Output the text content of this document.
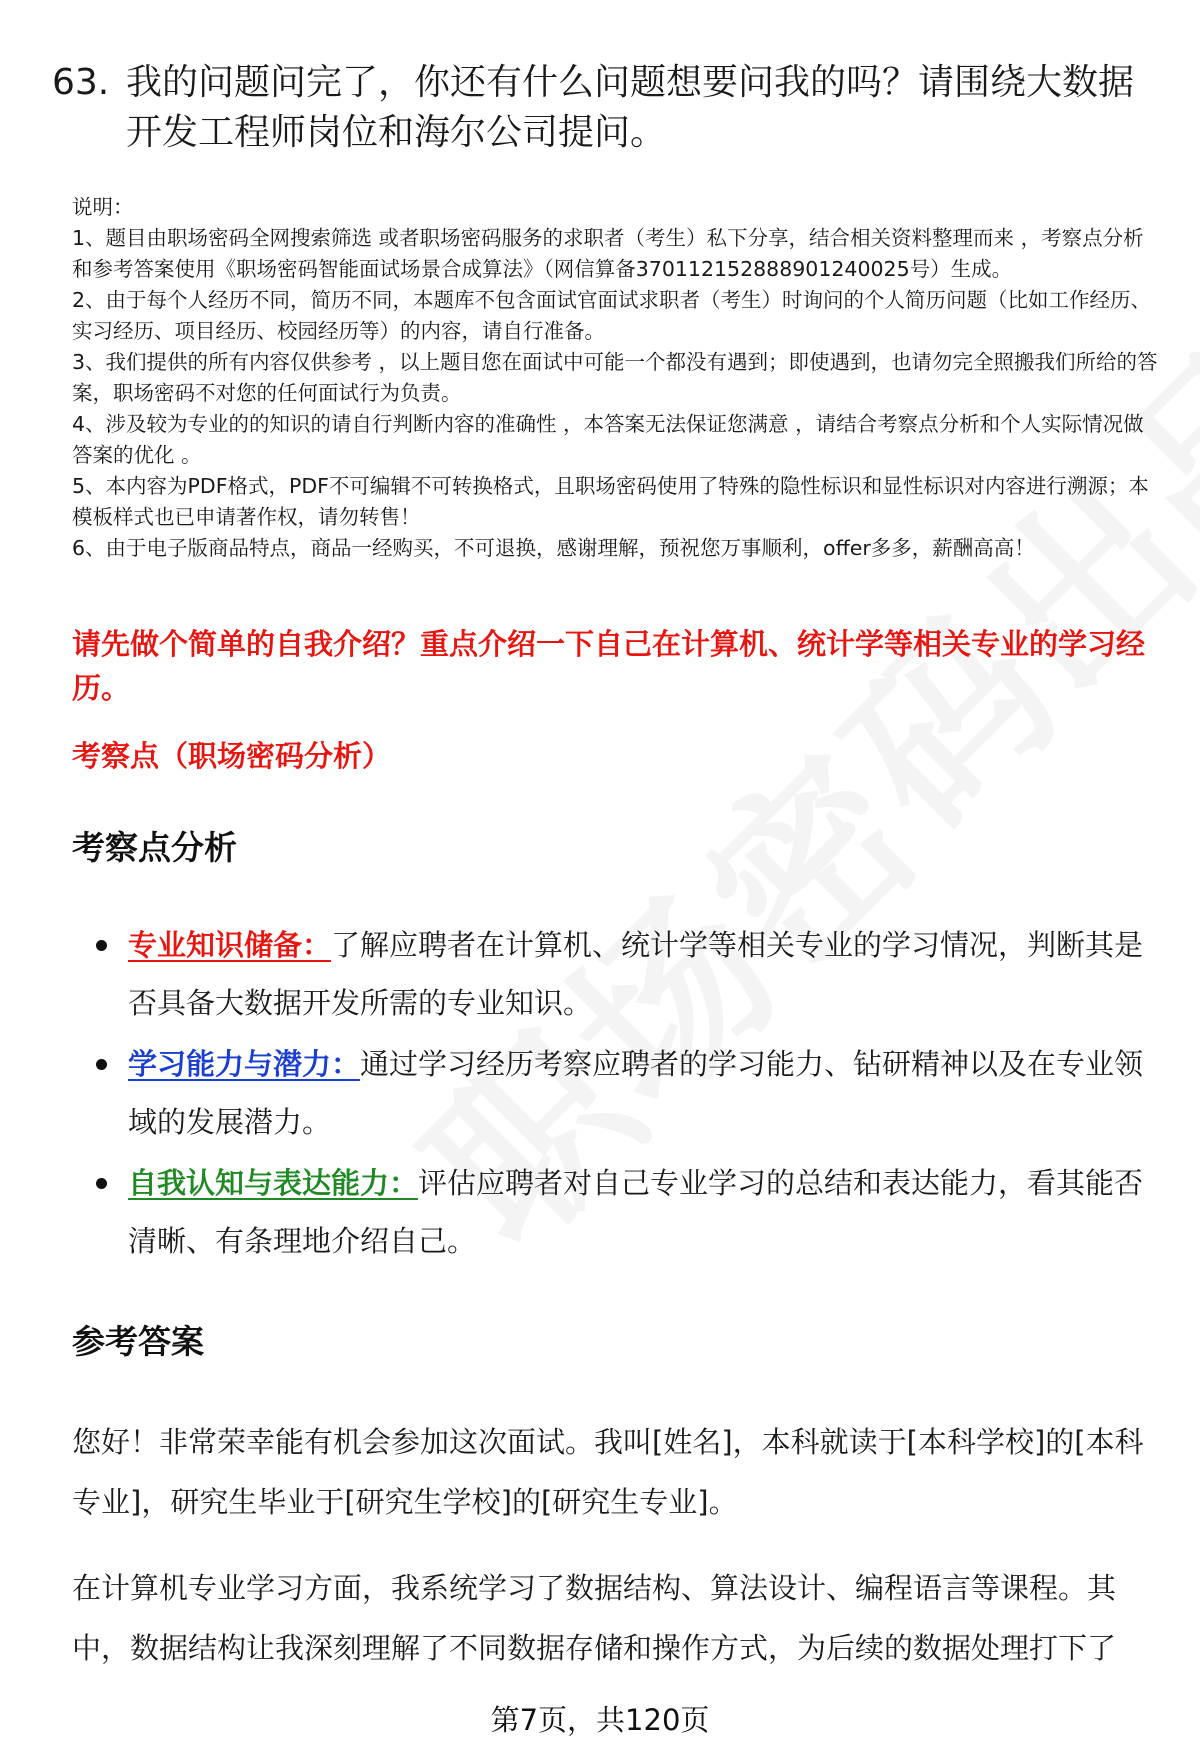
63. 我的问题问完了，你还有什么问题想要问我的吗？请围绕大数据开发工程师岗位和海尔公司提问。

说明：

1、题目由职场密码全网搜索筛选 或者职场密码服务的求职者（考生）私下分享，结合相关资料整理而来 ，考察点分析和参考答案使用《职场密码智能面试场景合成算法》（网信算备370112152888901240025号）生成。

2、由于每个人经历不同，简历不同，本题库不包含面试官面试求职者（考生）时询问的个人简历问题（比如工作经历、实习经历、项目经历、校园经历等）的内容，请自行准备。

3、我们提供的所有内容仅供参考 ，以上题目您在面试中可能一个都没有遇到；即使遇到，也请勿完全照搬我们所给的答案，职场密码不对您的任何面试行为负责。

4、涉及较为专业的的知识的请自行判断内容的准确性 ，本答案无法保证您满意 ，请结合考察点分析和个人实际情况做答案的优化 。

5、本内容为PDF格式，PDF不可编辑不可转换格式，且职场密码使用了特殊的隐性标识和显性标识对内容进行溯源；本模板样式也已申请著作权，请勿转售！

6、由于电子版商品特点，商品一经购买，不可退换，感谢理解，预祝您万事顺利，offer多多，薪酬高高！

请先做个简单的自我介绍？重点介绍一下自己在计算机、统计学等相关专业的学习经历。
考察点（职场密码分析）
考察点分析
专业知识储备：了解应聘者在计算机、统计学等相关专业的学习情况，判断其是否具备大数据开发所需的专业知识。
学习能力与潜力：通过学习经历考察应聘者的学习能力、钻研精神以及在专业领域的发展潜力。
自我认知与表达能力：评估应聘者对自己专业学习的总结和表达能力，看其能否清晰、有条理地介绍自己。
参考答案

您好！非常荣幸能有机会参加这次面试。我叫[姓名]，本科就读于[本科学校]的[本科专业]，研究生毕业于[研究生学校]的[研究生专业]。

在计算机专业学习方面，我系统学习了数据结构、算法设计、编程语言等课程。其中，数据结构让我深刻理解了不同数据存储和操作方式，为后续的数据处理打下了

第7页，共120页
